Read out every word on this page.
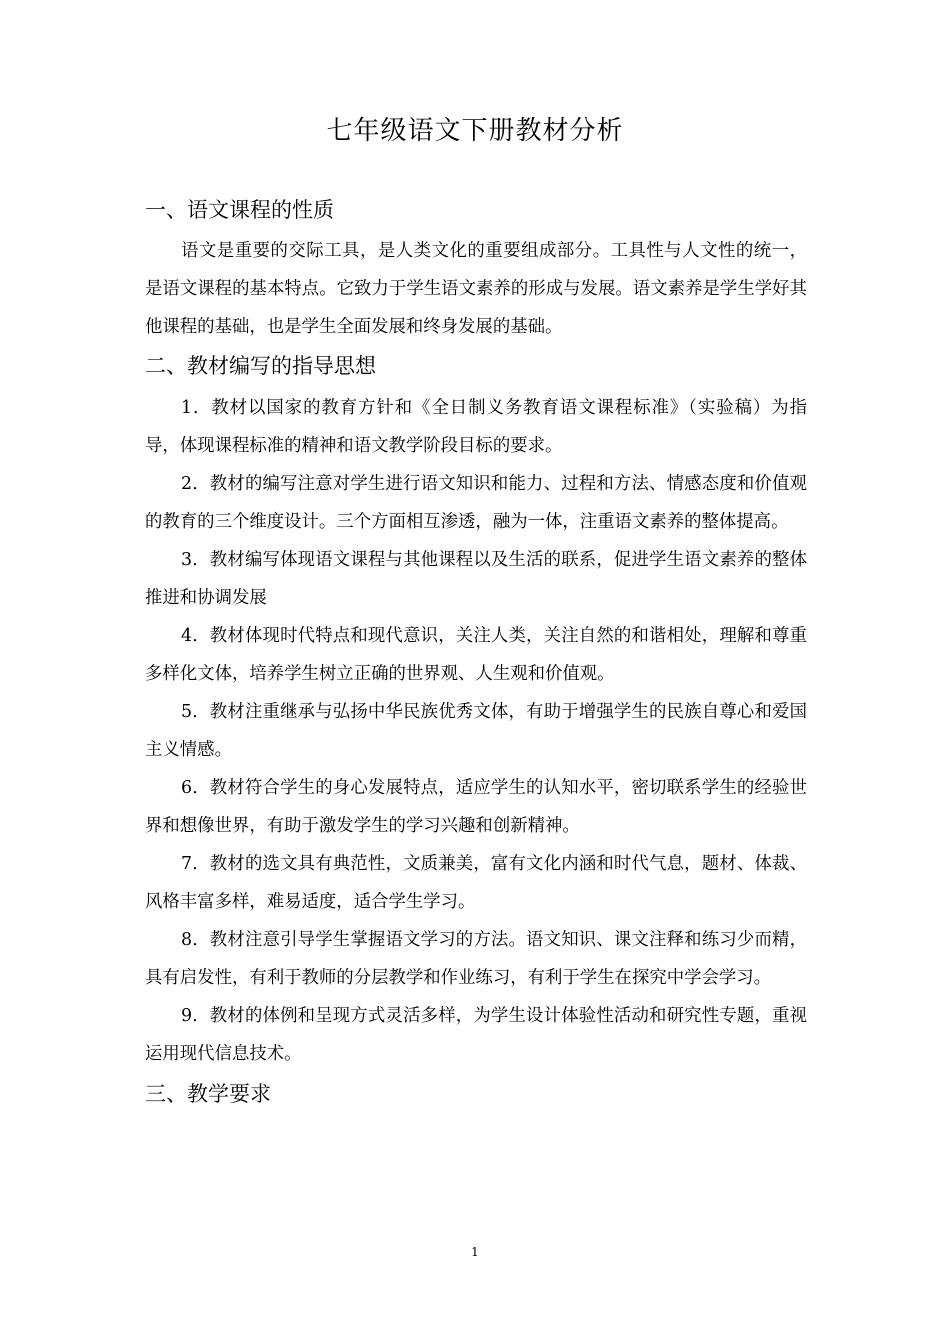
七年级语文下册教材分析
一、语文课程的性质

语文是重要的交际工具，是人类文化的重要组成部分。工具性与人文性的统一，是语文课程的基本特点。它致力于学生语文素养的形成与发展。语文素养是学生学好其他课程的基础，也是学生全面发展和终身发展的基础。

二、教材编写的指导思想

1．教材以国家的教育方针和《全日制义务教育语文课程标准》（实验稿）为指导，体现课程标准的精神和语文教学阶段目标的要求。

2．教材的编写注意对学生进行语文知识和能力、过程和方法、情感态度和价值观的教育的三个维度设计。三个方面相互渗透，融为一体，注重语文素养的整体提高。

3．教材编写体现语文课程与其他课程以及生活的联系，促进学生语文素养的整体推进和协调发展

4．教材体现时代特点和现代意识，关注人类，关注自然的和谐相处，理解和尊重多样化文体，培养学生树立正确的世界观、人生观和价值观。

5．教材注重继承与弘扬中华民族优秀文体，有助于增强学生的民族自尊心和爱国主义情感。

6．教材符合学生的身心发展特点，适应学生的认知水平，密切联系学生的经验世界和想像世界，有助于激发学生的学习兴趣和创新精神。

7．教材的选文具有典范性，文质兼美，富有文化内涵和时代气息，题材、体裁、风格丰富多样，难易适度，适合学生学习。

8．教材注意引导学生掌握语文学习的方法。语文知识、课文注释和练习少而精，具有启发性，有利于教师的分层教学和作业练习，有利于学生在探究中学会学习。

9．教材的体例和呈现方式灵活多样，为学生设计体验性活动和研究性专题，重视运用现代信息技术。

三、教学要求
1
